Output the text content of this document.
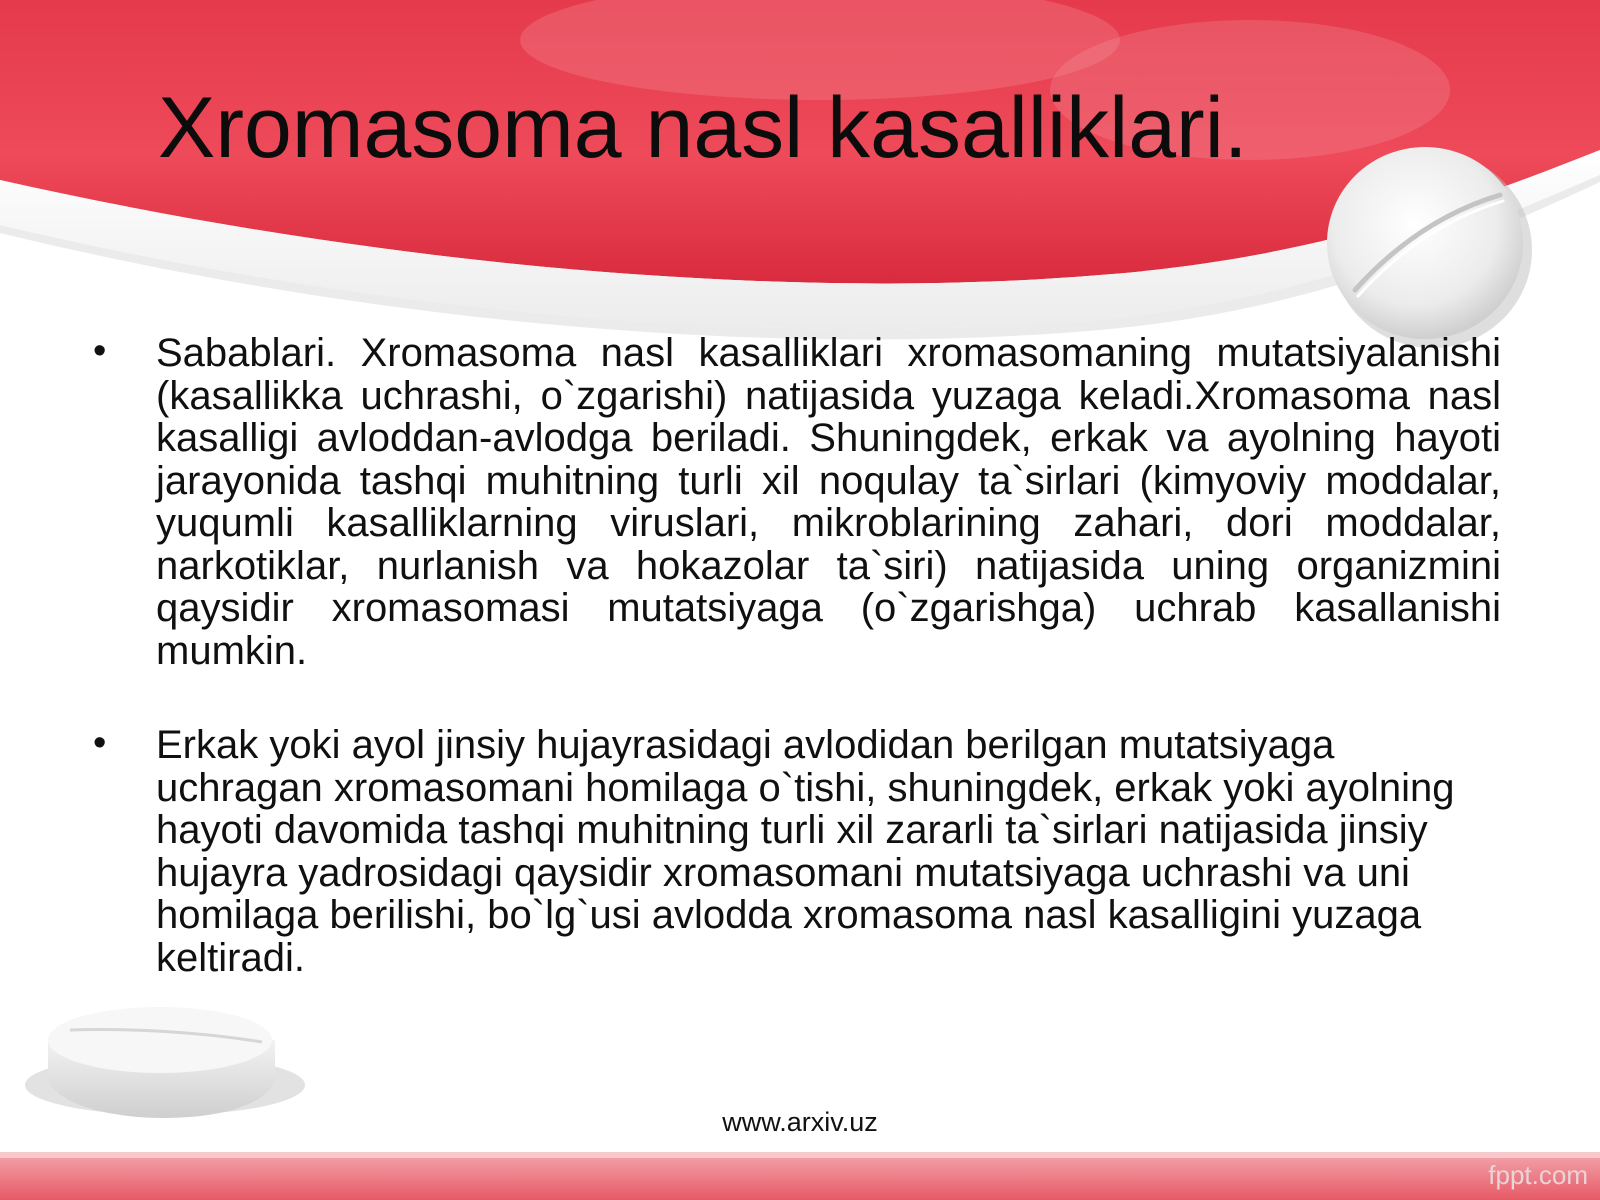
Xromasoma nasl kasalliklari.
• Sabablari. Xromasoma nasl kasalliklari xromasomaning mutatsiyalanishi (kasallikka uchrashi, o`zgarishi) natijasida yuzaga keladi.Xromasoma nasl kasalligi avloddan-avlodga beriladi. Shuningdek, erkak va ayolning hayoti jarayonida tashqi muhitning turli xil noqulay ta`sirlari (kimyoviy moddalar, yuqumli kasalliklarning viruslari, mikroblarining zahari, dori moddalar, narkotiklar, nurlanish va hokazolar ta`siri) natijasida uning organizmini qaysidir xromasomasi mutatsiyaga (o`zgarishga) uchrab kasallanishi mumkin.

• Erkak yoki ayol jinsiy hujayrasidagi avlodidan berilgan mutatsiyaga uchragan xromasomani homilaga o`tishi, shuningdek, erkak yoki ayolning hayoti davomida tashqi muhitning turli xil zararli ta`sirlari natijasida jinsiy hujayra yadrosidagi qaysidir xromasomani mutatsiyaga uchrashi va uni homilaga berilishi, bo`lg`usi avlodda xromasoma nasl kasalligini yuzaga keltiradi.

www.arxiv.uz
fppt.com
